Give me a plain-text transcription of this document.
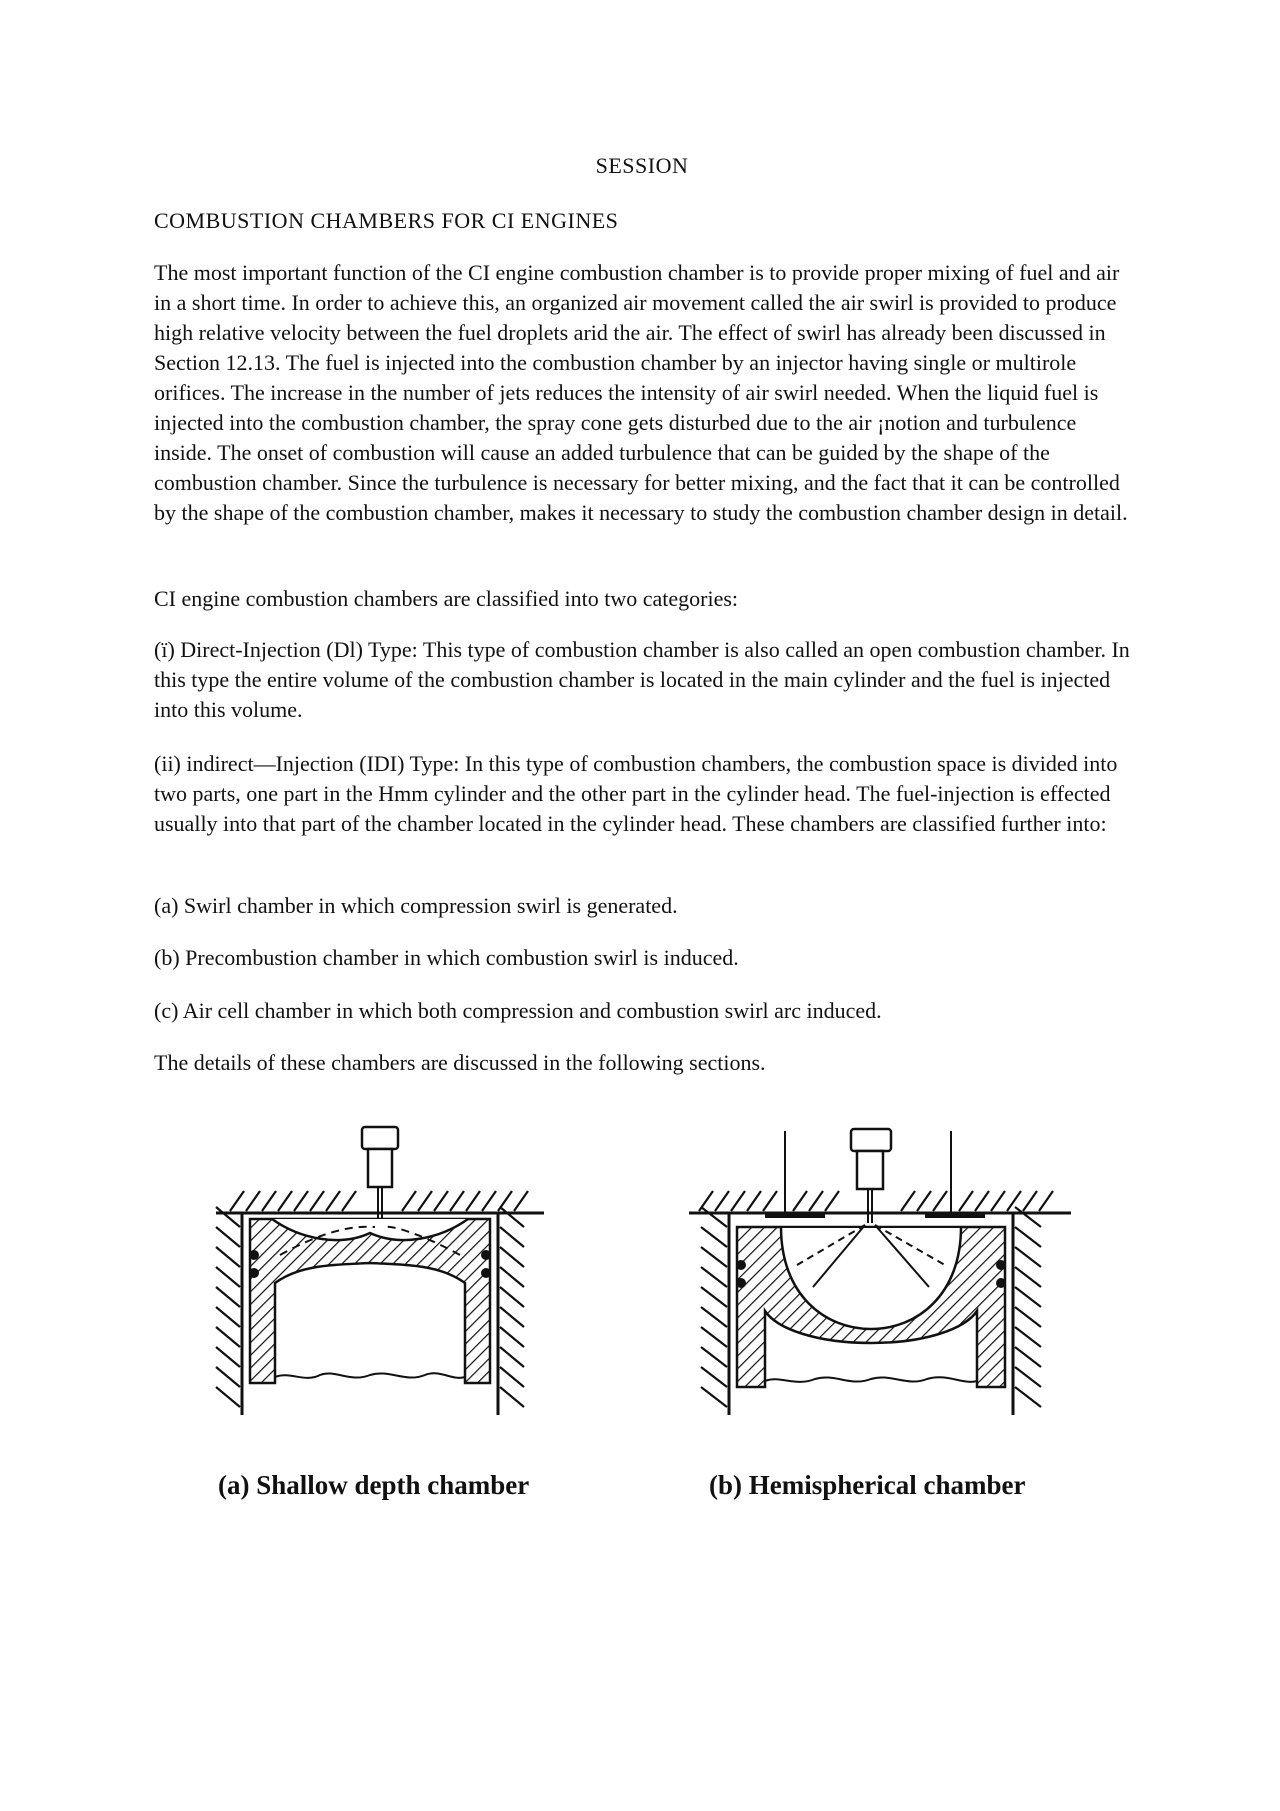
SESSION
COMBUSTION CHAMBERS FOR CI ENGINES

The most important function of the CI engine combustion chamber is to provide proper mixing of fuel and air in a short time. In order to achieve this, an organized air movement called the air swirl is provided to produce high relative velocity between the fuel droplets arid the air. The effect of swirl has already been discussed in Section 12.13. The fuel is injected into the combustion chamber by an injector having single or multirole orifices. The increase in the number of jets reduces the intensity of air swirl needed. When the liquid fuel is injected into the combustion chamber, the spray cone gets disturbed due to the air ¡notion and turbulence inside. The onset of combustion will cause an added turbulence that can be guided by the shape of the combustion chamber. Since the turbulence is necessary for better mixing, and the fact that it can be controlled by the shape of the combustion chamber, makes it necessary to study the combustion chamber design in detail.

CI engine combustion chambers are classified into two categories:

(ï) Direct-Injection (Dl) Type: This type of combustion chamber is also called an open combustion chamber. In this type the entire volume of the combustion chamber is located in the main cylinder and the fuel is injected into this volume.

(ii) indirect—Injection (IDI) Type: In this type of combustion chambers, the combustion space is divided into two parts, one part in the Hmm cylinder and the other part in the cylinder head. The fuel-injection is effected usually into that part of the chamber located in the cylinder head. These chambers are classified further into:

(a) Swirl chamber in which compression swirl is generated.

(b) Precombustion chamber in which combustion swirl is induced.

(c) Air cell chamber in which both compression and combustion swirl arc induced.

The details of these chambers are discussed in the following sections.

(a) Shallow depth chamber	(b) Hemispherical chamber
